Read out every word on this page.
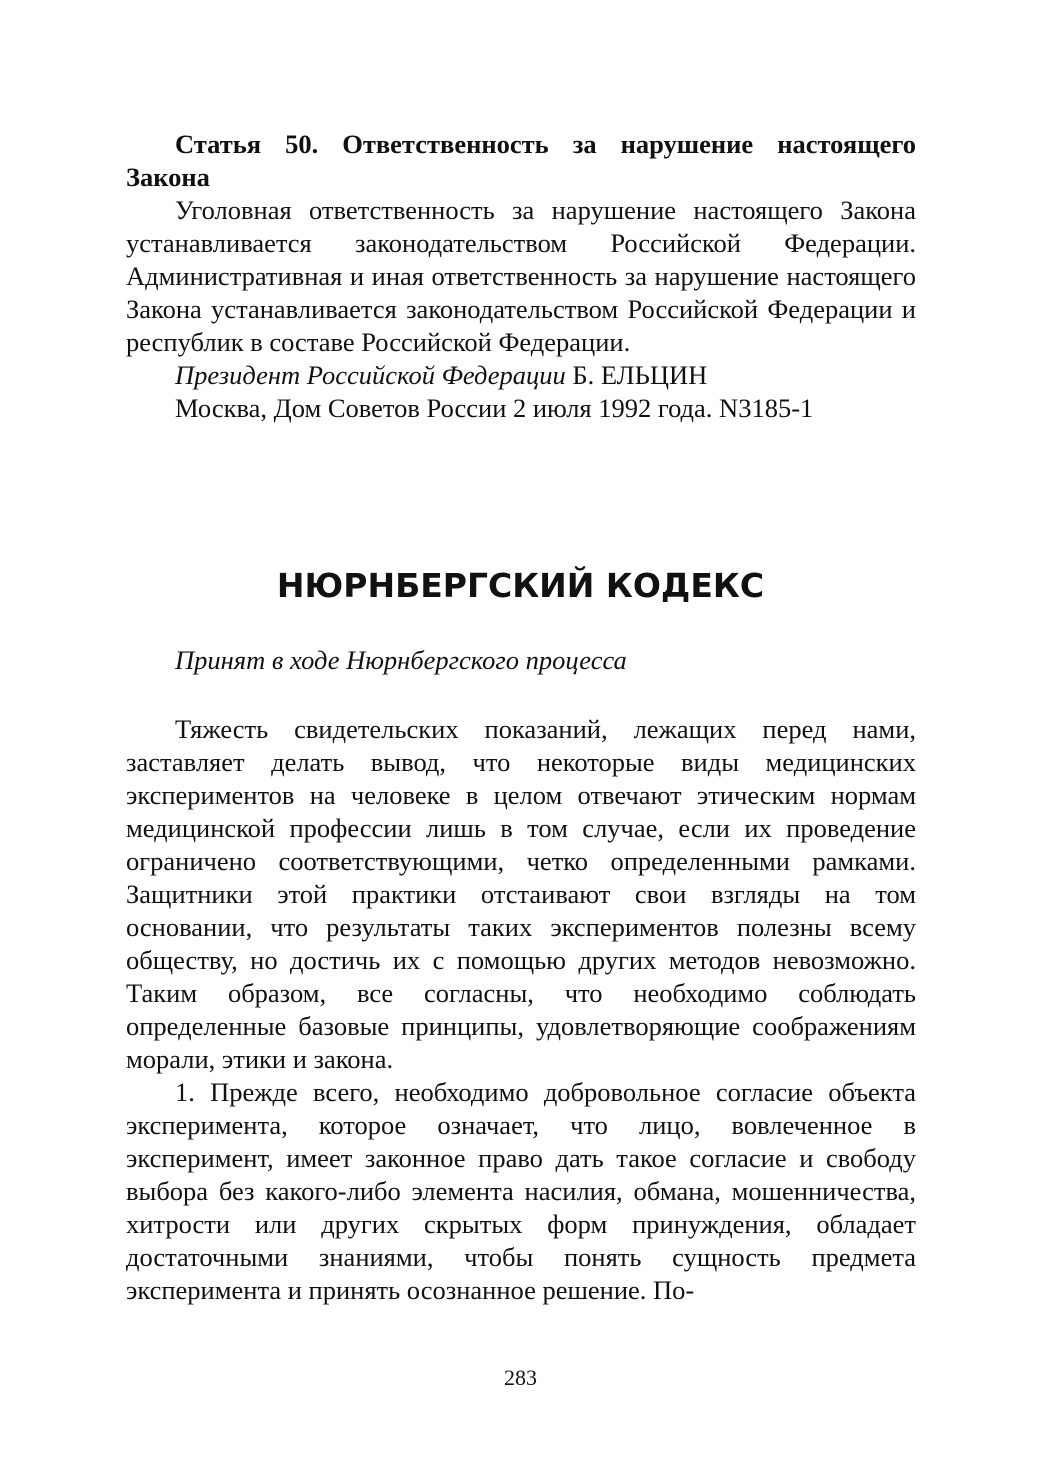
Статья 50. Ответственность за нарушение настоящего Закона

Уголовная ответственность за нарушение настоящего Закона устанавливается законодательством Российской Федерации. Административная и иная ответственность за нарушение настоящего Закона устанавливается законодательством Российской Федерации и республик в составе Российской Федерации.

Президент Российской Федерации Б. ЕЛЬЦИН

Москва, Дом Советов России 2 июля 1992 года. N3185-1

НЮРНБЕРГСКИЙ КОДЕКС

Принят в ходе Нюрнбергского процесса

Тяжесть свидетельских показаний, лежащих перед нами, заставляет делать вывод, что некоторые виды медицинских экспериментов на человеке в целом отвечают этическим нормам медицинской профессии лишь в том случае, если их проведение ограничено соответствующими, четко определенными рамками. Защитники этой практики отстаивают свои взгляды на том основании, что результаты таких экспериментов полезны всему обществу, но достичь их с помощью других методов невозможно. Таким образом, все согласны, что необходимо соблюдать определенные базовые принципы, удовлетворяющие соображениям морали, этики и закона.

1. Прежде всего, необходимо добровольное согласие объекта эксперимента, которое означает, что лицо, вовлеченное в эксперимент, имеет законное право дать такое согласие и свободу выбора без какого-либо элемента насилия, обмана, мошенничества, хитрости или других скрытых форм принуждения, обладает достаточными знаниями, чтобы понять сущность предмета эксперимента и принять осознанное решение. По-

283
